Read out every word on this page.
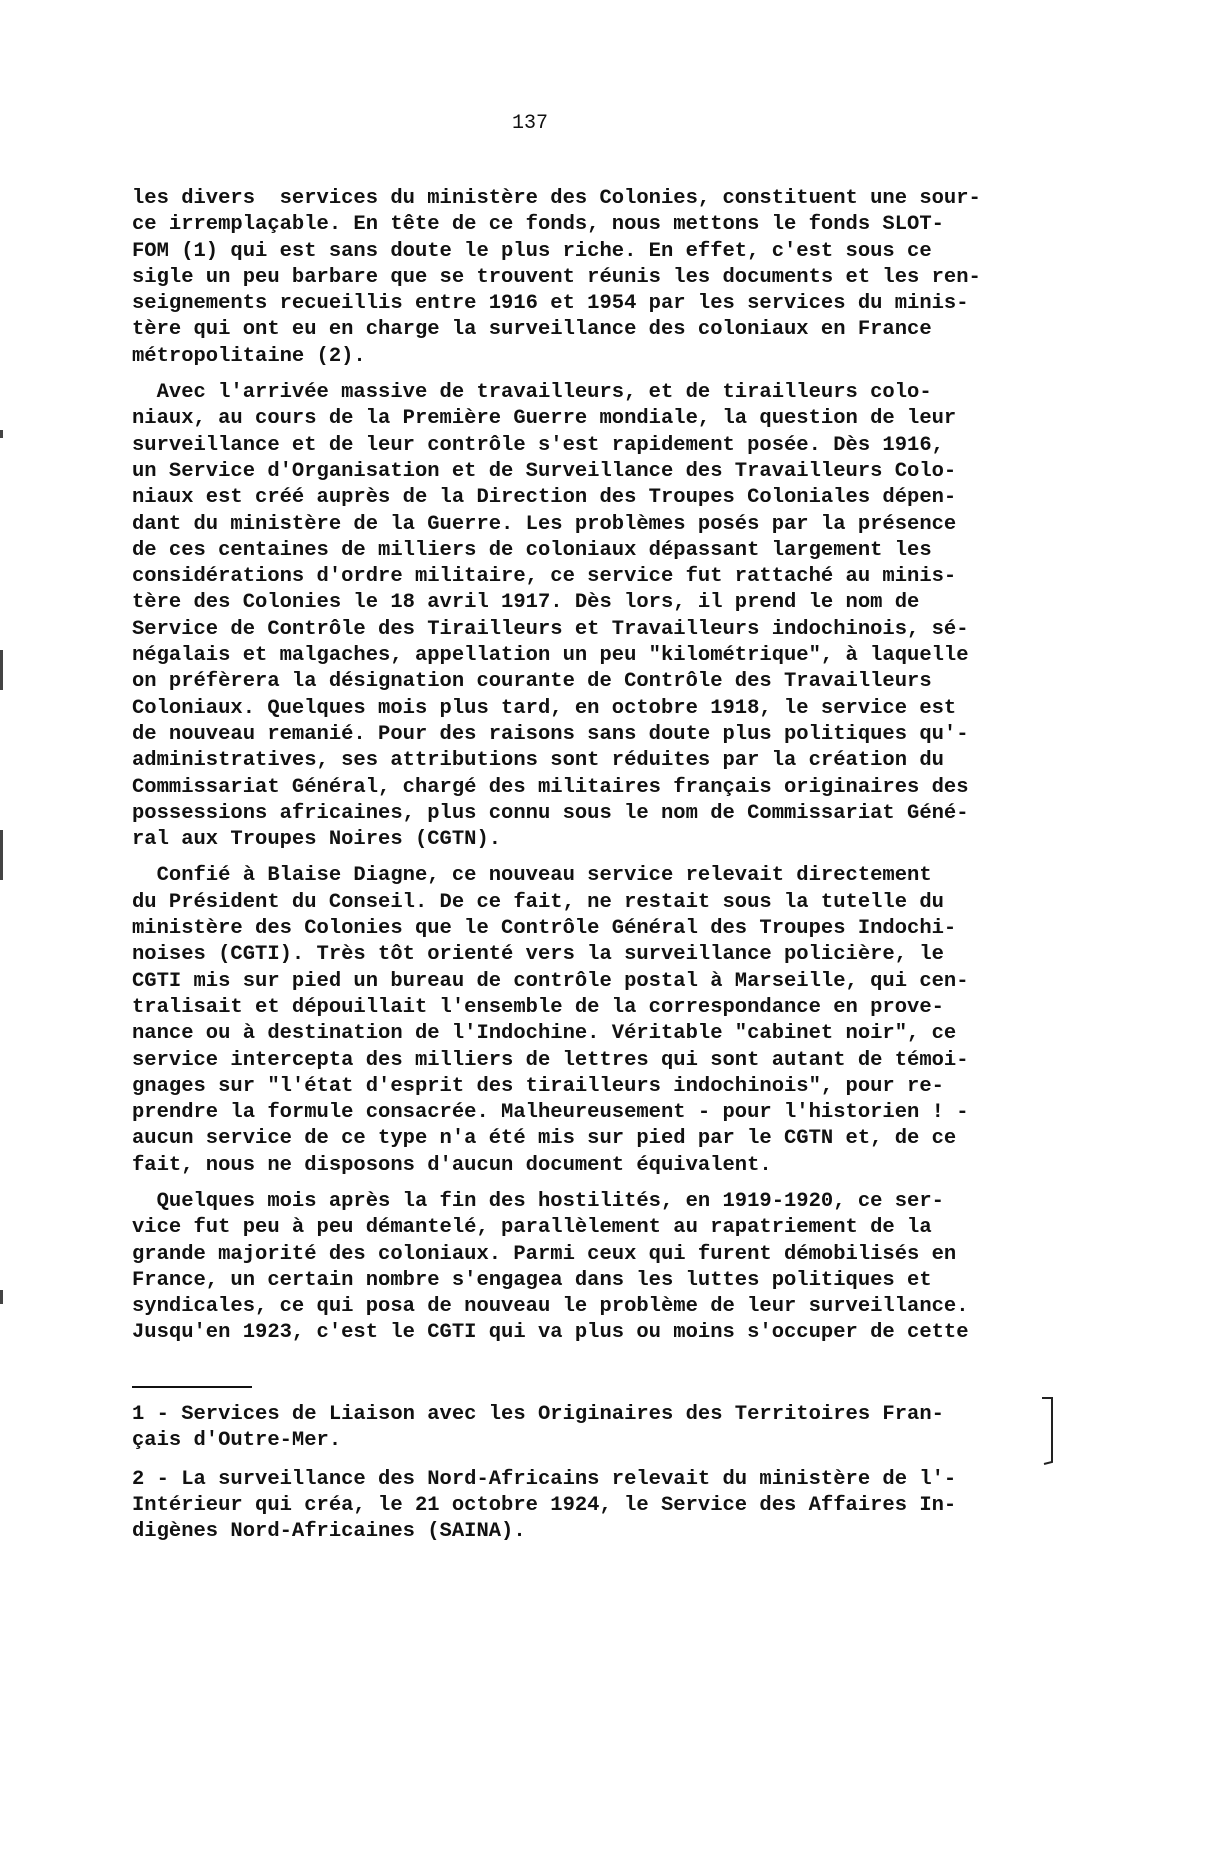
137
les divers  services du ministère des Colonies, constituent une sour-
ce irremplaçable. En tête de ce fonds, nous mettons le fonds SLOT-
FOM (1) qui est sans doute le plus riche. En effet, c'est sous ce
sigle un peu barbare que se trouvent réunis les documents et les ren-
seignements recueillis entre 1916 et 1954 par les services du minis-
tère qui ont eu en charge la surveillance des coloniaux en France
métropolitaine (2).
Avec l'arrivée massive de travailleurs, et de tirailleurs colo-
niaux, au cours de la Première Guerre mondiale, la question de leur
surveillance et de leur contrôle s'est rapidement posée. Dès 1916,
un Service d'Organisation et de Surveillance des Travailleurs Colo-
niaux est créé auprès de la Direction des Troupes Coloniales dépen-
dant du ministère de la Guerre. Les problèmes posés par la présence
de ces centaines de milliers de coloniaux dépassant largement les
considérations d'ordre militaire, ce service fut rattaché au minis-
tère des Colonies le 18 avril 1917. Dès lors, il prend le nom de
Service de Contrôle des Tirailleurs et Travailleurs indochinois, sé-
négalais et malgaches, appellation un peu "kilométrique", à laquelle
on préfèrera la désignation courante de Contrôle des Travailleurs
Coloniaux. Quelques mois plus tard, en octobre 1918, le service est
de nouveau remanié. Pour des raisons sans doute plus politiques qu'-
administratives, ses attributions sont réduites par la création du
Commissariat Général, chargé des militaires français originaires des
possessions africaines, plus connu sous le nom de Commissariat Géné-
ral aux Troupes Noires (CGTN).
Confié à Blaise Diagne, ce nouveau service relevait directement
du Président du Conseil. De ce fait, ne restait sous la tutelle du
ministère des Colonies que le Contrôle Général des Troupes Indochi-
noises (CGTI). Très tôt orienté vers la surveillance policière, le
CGTI mis sur pied un bureau de contrôle postal à Marseille, qui cen-
tralisait et dépouillait l'ensemble de la correspondance en prove-
nance ou à destination de l'Indochine. Véritable "cabinet noir", ce
service intercepta des milliers de lettres qui sont autant de témoi-
gnages sur "l'état d'esprit des tirailleurs indochinois", pour re-
prendre la formule consacrée. Malheureusement - pour l'historien ! -
aucun service de ce type n'a été mis sur pied par le CGTN et, de ce
fait, nous ne disposons d'aucun document équivalent.
Quelques mois après la fin des hostilités, en 1919-1920, ce ser-
vice fut peu à peu démantelé, parallèlement au rapatriement de la
grande majorité des coloniaux. Parmi ceux qui furent démobilisés en
France, un certain nombre s'engagea dans les luttes politiques et
syndicales, ce qui posa de nouveau le problème de leur surveillance.
Jusqu'en 1923, c'est le CGTI qui va plus ou moins s'occuper de cette
1 - Services de Liaison avec les Originaires des Territoires Fran-
çais d'Outre-Mer.
2 - La surveillance des Nord-Africains relevait du ministère de l'-
Intérieur qui créa, le 21 octobre 1924, le Service des Affaires In-
digènes Nord-Africaines (SAINA).
